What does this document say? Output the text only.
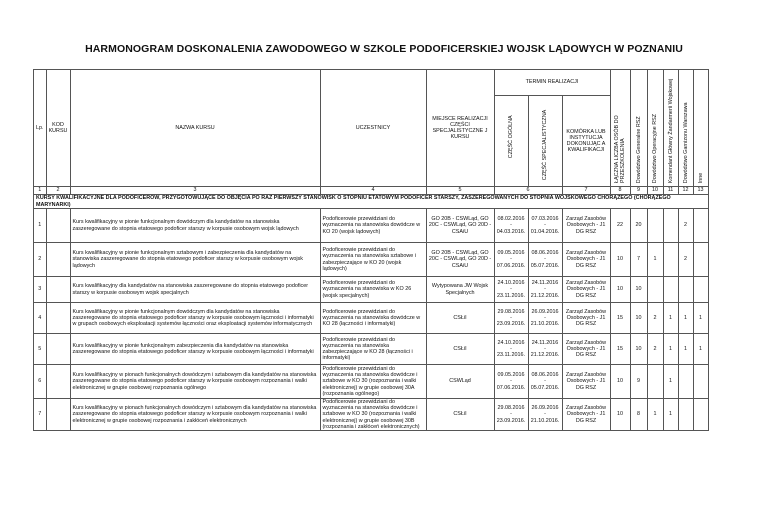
HARMONOGRAM DOSKONALENIA ZAWODOWEGO W SZKOLE PODOFICERSKIEJ WOJSK LĄDOWYCH W POZNANIU
Lp.	KOD KURSU	NAZWA KURSU	UCZESTNICY	MIEJSCE REALIZACJI CZĘŚCI SPECJALISTYCZNE J KURSU	TERMIN REALIZACJI			ŁĄCZNA LICZBA OSÓB DO PRZESZKOLENIA	Dowództwo Generalne RSZ	Dowództwo Operacyjne RSZ	Komendant Główny Żandarmerii Wojskowej	Dowództwo Garnizonu Warszawa	Inne

					CZĘŚĆ OGÓLNA	CZĘŚĆ SPECJALISTYCZNA	KOMÓRKA LUB INSTYTUCJA DOKONUJĄC A KWALIFIKACJI						
1	2	3	4	5	6		7	8	9	10	11	12	13
KURSY KWALIFIKACYJNE DLA PODOFICERÓW, PRZYGOTOWUJĄCE DO OBJĘCIA PO RAZ PIERWSZY STANOWISK O STOPNIU ETATOWYM PODOFICER STARSZY, ZASZEREGOWANYCH DO STOPNIA WOJSKOWEGO CHORĄŻEGO (CHORĄŻEGO MARYNARKI)													
1		Kurs kwalifikacyjny w pionie funkcjonalnym dowódczym dla kandydatów na stanowiska zaszeregowane do stopnia etatowego podoficer starszy w korpusie osobowym wojsk lądowych	Podoficerowie przewidziani do wyznaczenia na stanowiska dowódcze w KO 20 (wojsk lądowych)	GO 20B - CSWLąd, GO 20C - CSWLąd, GO 20D - CSAiU	08.02.2016 - 04.03.2016.	07.03.2016 - 01.04.2016.	Zarząd Zasobów Osobowych - J1 DG RSZ	22	20			2	
2		Kurs kwalifikacyjny w pionie funkcjonalnym sztabowym i zabezpieczenia dla kandydatów na stanowiska zaszeregowane do stopnia etatowego podoficer starszy w korpusie osobowym wojsk lądowych	Podoficerowie przewidziani do wyznaczenia na stanowiska sztabowe i zabezpieczające w KO 20 (wojsk lądowych)	GO 20B - CSWLąd, GO 20C - CSWLąd, GO 20D - CSAiU	09.05.2016 - 07.06.2016.	08.06.2016 - 05.07.2016.	Zarząd Zasobów Osobowych - J1 DG RSZ	10	7	1		2	
3		Kurs kwalifikacyjny dla kandydatów na stanowiska zaszeregowane do stopnia etatowego podoficer starszy w korpusie osobowym wojsk specjalnych	Podoficerowie przewidziani do wyznaczenia na stanowiska w KO 26 (wojsk specjalnych)	Wytypowana JW Wojsk Specjalnych	24.10.2016 - 23.11.2016.	24.11.2016 - 21.12.2016.	Zarząd Zasobów Osobowych - J1 DG RSZ	10	10				
4		Kurs kwalifikacyjny w pionie funkcjonalnym dowódczym dla kandydatów na stanowiska zaszeregowane do stopnia etatowego podoficer starszy w korpusie osobowym łączności i informatyki w grupach osobowych eksploatacji systemów łączności oraz eksploatacji systemów informatycznych	Podoficerowie przewidziani do wyznaczenia na stanowiska dowódcze w KO 28 (łączności i informatyki)	CSŁiI	29.08.2016 - 23.09.2016.	26.09.2016 - 21.10.2016.	Zarząd Zasobów Osobowych - J1 DG RSZ	15	10	2	1	1	1
5		Kurs kwalifikacyjny w pionie funkcjonalnym zabezpieczenia dla kandydatów na stanowiska zaszeregowane do stopnia etatowego podoficer starszy w korpusie osobowym łączności i informatyki	Podoficerowie przewidziani do wyznaczenia na stanowiska zabezpieczające w KO 28 (łączności i informatyki)	CSŁiI	24.10.2016 - 23.11.2016.	24.11.2016 - 21.12.2016.	Zarząd Zasobów Osobowych - J1 DG RSZ	15	10	2	1	1	1
6		Kurs kwalifikacyjny w pionach funkcjonalnych dowódczym i sztabowym dla kandydatów na stanowiska zaszeregowane do stopnia etatowego podoficer starszy w korpusie osobowym rozpoznania i walki elektronicznej w grupie osobowej rozpoznania ogólnego	Podoficerowie przewidziani do wyznaczenia na stanowiska dowódcze i sztabowe w KO 30 (rozpoznania i walki elektronicznej) w grupie osobowej 30A (rozpoznania ogólnego)	CSWLąd	09.05.2016 - 07.06.2016.	08.06.2016 - 05.07.2016.	Zarząd Zasobów Osobowych - J1 DG RSZ	10	9		1		
7		Kurs kwalifikacyjny w pionach funkcjonalnych dowódczym i sztabowym dla kandydatów na stanowiska zaszeregowane do stopnia etatowego podoficer starszy w korpusie osobowym rozpoznania i walki elektronicznej w grupie osobowej rozpoznania i zakłóceń elektronicznych	Podoficerowie przewidziani do wyznaczenia na stanowiska dowódcze i sztabowe w KO 30 (rozpoznania i walki elektronicznej) w grupie osobowej 30B (rozpoznania i zakłóceń elektronicznych)	CSŁiI	29.08.2016 - 23.09.2016.	26.09.2016 - 21.10.2016.	Zarząd Zasobów Osobowych - J1 DG RSZ	10	8	1	1		
